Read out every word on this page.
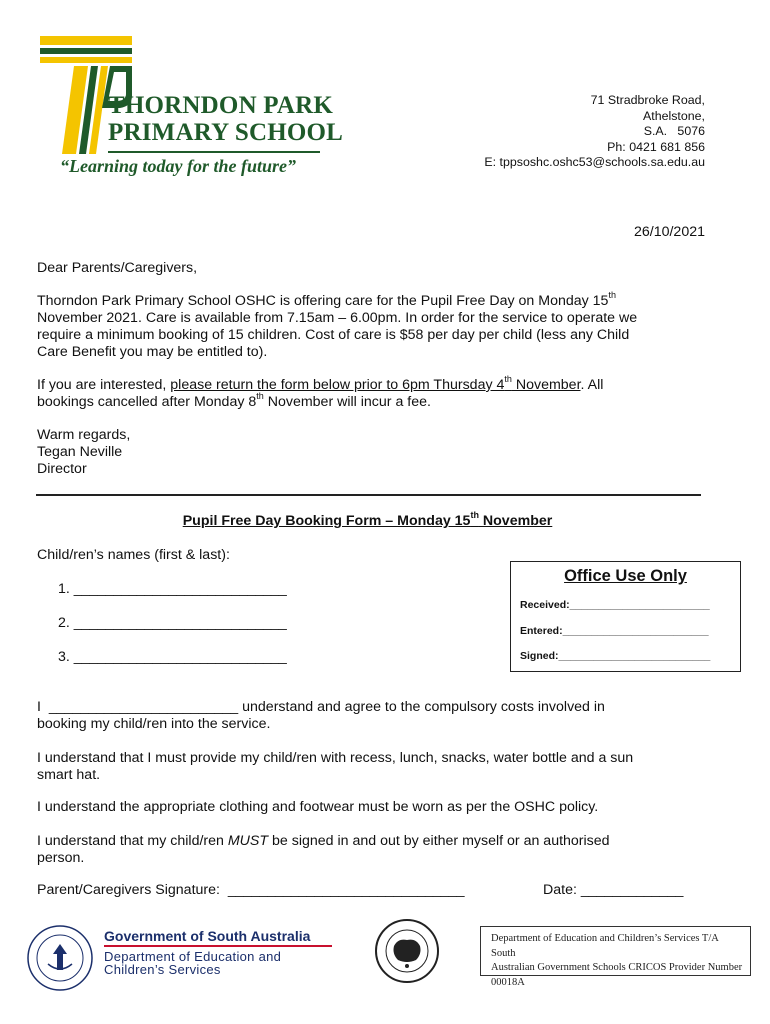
THORNDON PARK
PRIMARY SCHOOL
“Learning today for the future”
71 Stradbroke Road,
Athelstone,
S.A.   5076
Ph: 0421 681 856
E: tppsoshc.oshc53@schools.sa.edu.au
26/10/2021
Dear Parents/Caregivers,
Thorndon Park Primary School OSHC is offering care for the Pupil Free Day on Monday 15th
November 2021. Care is available from 7.15am – 6.00pm. In order for the service to operate we
require a minimum booking of 15 children. Cost of care is $58 per day per child (less any Child
Care Benefit you may be entitled to).
If you are interested, please return the form below prior to 6pm Thursday 4th November. All
bookings cancelled after Monday 8th November will incur a fee.
Warm regards,
Tegan Neville
Director
Pupil Free Day Booking Form – Monday 15th November
Child/ren’s names (first & last):
1. ___________________________
2. ___________________________
3. ___________________________
Office Use Only
Received:________________________
Entered:_________________________
Signed:__________________________
I  ________________________ understand and agree to the compulsory costs involved in
booking my child/ren into the service.
I understand that I must provide my child/ren with recess, lunch, snacks, water bottle and a sun
smart hat.
I understand the appropriate clothing and footwear must be worn as per the OSHC policy.
I understand that my child/ren MUST be signed in and out by either myself or an authorised
person.
Parent/Caregivers Signature:  ______________________________	Date: _____________
Government of South Australia
Department of Education and
Children’s Services
Department of Education and Children’s Services T/A South
Australian Government Schools CRICOS Provider Number
00018A
